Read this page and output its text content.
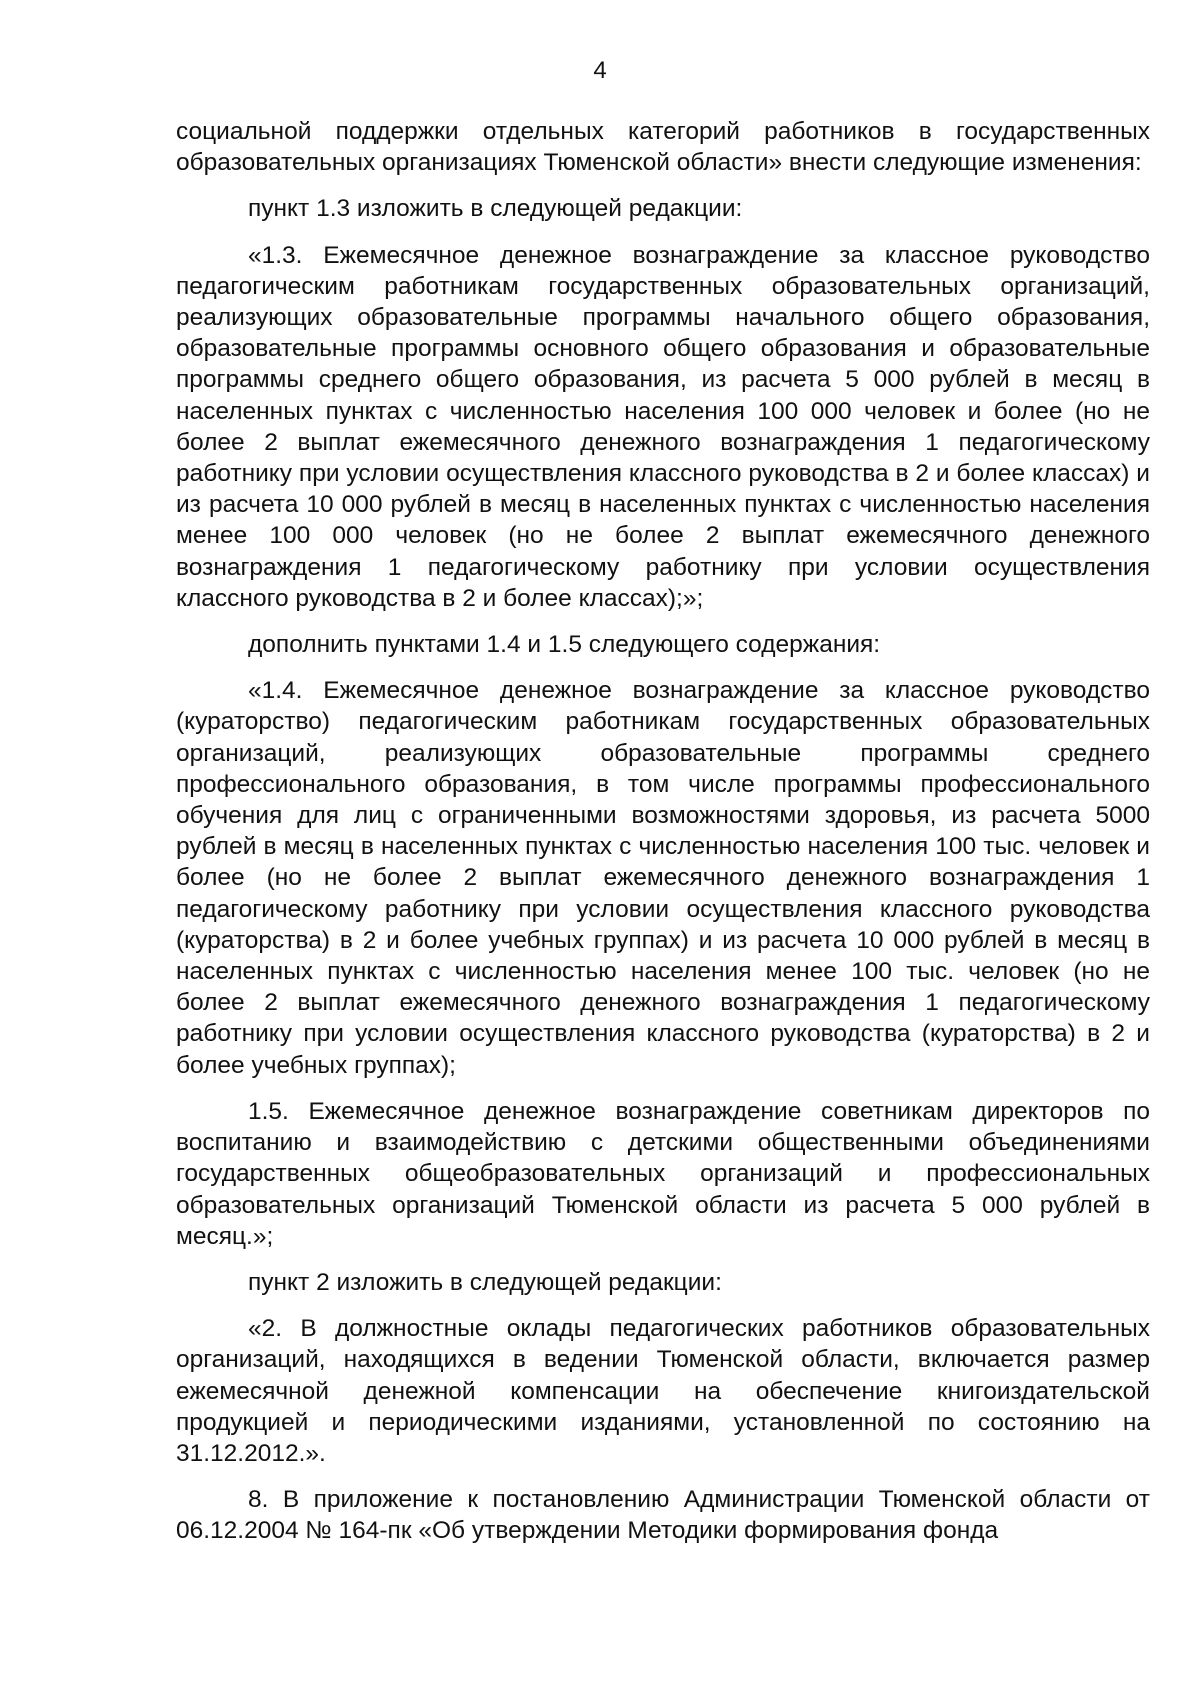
4

социальной поддержки отдельных категорий работников в государственных образовательных организациях Тюменской области» внести следующие изменения:

пункт 1.3 изложить в следующей редакции:

«1.3. Ежемесячное денежное вознаграждение за классное руководство педагогическим работникам государственных образовательных организаций, реализующих образовательные программы начального общего образования, образовательные программы основного общего образования и образовательные программы среднего общего образования, из расчета 5 000 рублей в месяц в населенных пунктах с численностью населения 100 000 человек и более (но не более 2 выплат ежемесячного денежного вознаграждения 1 педагогическому работнику при условии осуществления классного руководства в 2 и более классах) и из расчета 10 000 рублей в месяц в населенных пунктах с численностью населения менее 100 000 человек (но не более 2 выплат ежемесячного денежного вознаграждения 1 педагогическому работнику при условии осуществления классного руководства в 2 и более классах);»;

дополнить пунктами 1.4 и 1.5 следующего содержания:

«1.4. Ежемесячное денежное вознаграждение за классное руководство (кураторство) педагогическим работникам государственных образовательных организаций, реализующих образовательные программы среднего профессионального образования, в том числе программы профессионального обучения для лиц с ограниченными возможностями здоровья, из расчета 5000 рублей в месяц в населенных пунктах с численностью населения 100 тыс. человек и более (но не более 2 выплат ежемесячного денежного вознаграждения 1 педагогическому работнику при условии осуществления классного руководства (кураторства) в 2 и более учебных группах) и из расчета 10 000 рублей в месяц в населенных пунктах с численностью населения менее 100 тыс. человек (но не более 2 выплат ежемесячного денежного вознаграждения 1 педагогическому работнику при условии осуществления классного руководства (кураторства) в 2 и более учебных группах);

1.5. Ежемесячное денежное вознаграждение советникам директоров по воспитанию и взаимодействию с детскими общественными объединениями государственных общеобразовательных организаций и профессиональных образовательных организаций Тюменской области из расчета 5 000 рублей в месяц.»;

пункт 2 изложить в следующей редакции:

«2. В должностные оклады педагогических работников образовательных организаций, находящихся в ведении Тюменской области, включается размер ежемесячной денежной компенсации на обеспечение книгоиздательской продукцией и периодическими изданиями, установленной по состоянию на 31.12.2012.».

8. В приложение к постановлению Администрации Тюменской области от 06.12.2004 № 164-пк «Об утверждении Методики формирования фонда
